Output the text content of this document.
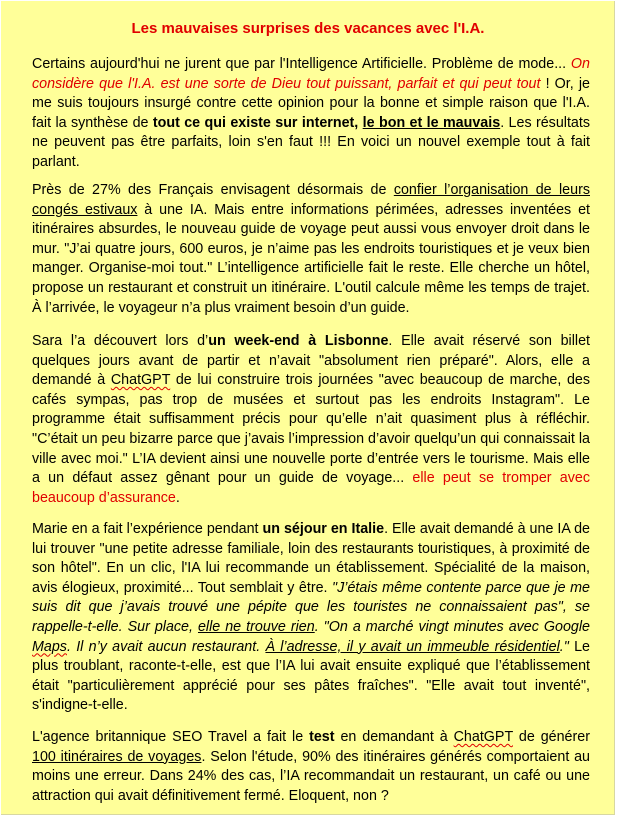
Les mauvaises surprises des vacances avec l'I.A.
Certains aujourd'hui ne jurent que par l'Intelligence Artificielle. Problème de mode... On considère que l'I.A. est une sorte de Dieu tout puissant, parfait et qui peut tout ! Or, je me suis toujours insurgé contre cette opinion pour la bonne et simple raison que l'I.A. fait la synthèse de tout ce qui existe sur internet, le bon et le mauvais. Les résultats ne peuvent pas être parfaits, loin s'en faut !!! En voici un nouvel exemple tout à fait parlant.
Près de 27% des Français envisagent désormais de confier l’organisation de leurs congés estivaux à une IA. Mais entre informations périmées, adresses inventées et itinéraires absurdes, le nouveau guide de voyage peut aussi vous envoyer droit dans le mur. "J’ai quatre jours, 600 euros, je n’aime pas les endroits touristiques et je veux bien manger. Organise-moi tout." L’intelligence artificielle fait le reste. Elle cherche un hôtel, propose un restaurant et construit un itinéraire. L'outil calcule même les temps de trajet. À l’arrivée, le voyageur n’a plus vraiment besoin d’un guide.
Sara l’a découvert lors d’un week-end à Lisbonne. Elle avait réservé son billet quelques jours avant de partir et n’avait "absolument rien préparé". Alors, elle a demandé à ChatGPT de lui construire trois journées "avec beaucoup de marche, des cafés sympas, pas trop de musées et surtout pas les endroits Instagram". Le programme était suffisamment précis pour qu’elle n’ait quasiment plus à réfléchir. "C’était un peu bizarre parce que j’avais l’impression d’avoir quelqu’un qui connaissait la ville avec moi." L’IA devient ainsi une nouvelle porte d’entrée vers le tourisme. Mais elle a un défaut assez gênant pour un guide de voyage... elle peut se tromper avec beaucoup d’assurance.
Marie en a fait l’expérience pendant un séjour en Italie. Elle avait demandé à une IA de lui trouver "une petite adresse familiale, loin des restaurants touristiques, à proximité de son hôtel". En un clic, l'IA lui recommande un établissement. Spécialité de la maison, avis élogieux, proximité... Tout semblait y être. "J’étais même contente parce que je me suis dit que j’avais trouvé une pépite que les touristes ne connaissaient pas", se rappelle-t-elle. Sur place, elle ne trouve rien. "On a marché vingt minutes avec Google Maps. Il n’y avait aucun restaurant. À l’adresse, il y avait un immeuble résidentiel." Le plus troublant, raconte-t-elle, est que l’IA lui avait ensuite expliqué que l’établissement était "particulièrement apprécié pour ses pâtes fraîches". "Elle avait tout inventé", s'indigne-t-elle.
L'agence britannique SEO Travel a fait le test en demandant à ChatGPT de générer 100 itinéraires de voyages. Selon l'étude, 90% des itinéraires générés comportaient au moins une erreur. Dans 24% des cas, l’IA recommandait un restaurant, un café ou une attraction qui avait définitivement fermé. Eloquent, non ?
